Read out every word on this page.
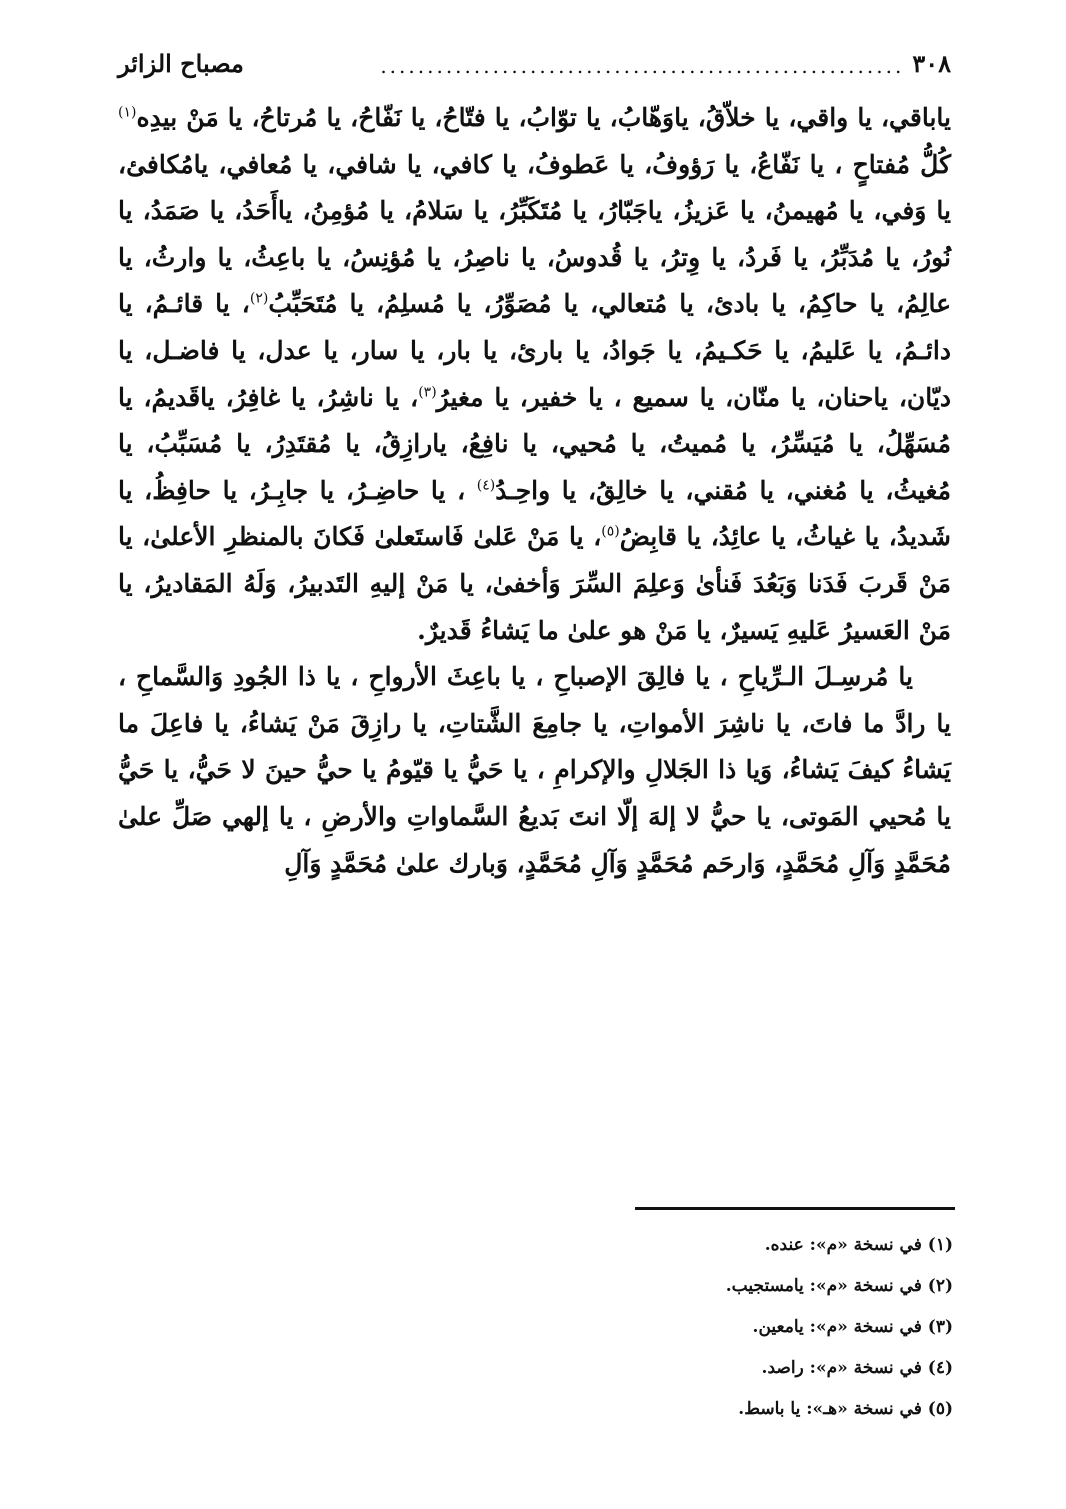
٣٠٨
........................................................
مصباح الزائر

ياباقي، يا واقي، يا خلاّقُ، ياوَهّابُ، يا توّابُ، يا فتّاحُ، يا نَفّاحُ، يا مُرتاحُ، يا مَنْ بيدِه$^{(١)}$ كُلُّ مُفتاحٍ ، يا نَفّاعُ، يا رَؤوفُ، يا عَطوفُ، يا كافي، يا شافي، يا مُعافي، يامُكافئ، يا وَفي، يا مُهيمنُ، يا عَزيزُ، ياجَبّارُ، يا مُتَكَبِّرُ، يا سَلامُ، يا مُؤمِنُ، ياأَحَدُ، يا صَمَدُ، يا نُورُ، يا مُدَبِّرُ، يا فَردُ، يا وِترُ، يا قُدوسُ، يا ناصِرُ، يا مُؤنِسُ، يا باعِثُ، يا وارثُ، يا عالِمُ، يا حاكِمُ، يا بادئ، يا مُتعالي، يا مُصَوِّرُ، يا مُسلِمُ، يا مُتَحَبِّبُ$^{(٢)}$، يا قائـمُ، يا دائـمُ، يا عَليمُ، يا حَكـيمُ، يا جَوادُ، يا بارئ، يا بار، يا سار، يا عدل، يا فاضـل، يا ديّان، ياحنان، يا منّان، يا سميع ، يا خفير، يا مغيرُ$^{(٣)}$، يا ناشِرُ، يا غافِرُ، ياقَديمُ، يا مُسَهِّلُ، يا مُيَسِّرُ، يا مُميتُ، يا مُحيي، يا نافِعُ، يارازِقُ، يا مُقتَدِرُ، يا مُسَبِّبُ، يا مُغيثُ، يا مُغني، يا مُقني، يا خالِقُ، يا واحِـدُ$^{(٤)}$ ، يا حاضِـرُ، يا جابِـرُ، يا حافِظُ، يا شَديدُ، يا غياثُ، يا عائِدُ، يا قابِضُ$^{(٥)}$، يا مَنْ عَلىٰ فَاستَعلىٰ فَكانَ بالمنظرِ الأعلىٰ، يا مَنْ قَربَ فَدَنا وَبَعُدَ فَنأىٰ وَعلِمَ السِّرَ وَأخفىٰ، يا مَنْ إليهِ التَدبيرُ، وَلَهُ المَقاديرُ، يا مَنْ العَسيرُ عَليهِ يَسيرٌ، يا مَنْ هو علىٰ ما يَشاءُ قَديرٌ.

يا مُرسِـلَ الـرِّياحِ ، يا فالِقَ الإصباحِ ، يا باعِثَ الأرواحِ ، يا ذا الجُودِ وَالسَّماحِ ، يا رادَّ ما فاتَ، يا ناشِرَ الأمواتِ، يا جامِعَ الشَّتاتِ، يا رازِقَ مَنْ يَشاءُ، يا فاعِلَ ما يَشاءُ كيفَ يَشاءُ، وَيا ذا الجَلالِ والإكرامِ ، يا حَيُّ يا قيّومُ يا حيُّ حينَ لا حَيُّ، يا حَيُّ يا مُحيي المَوتى، يا حيُّ لا إلهَ إلّا انتَ بَديعُ السَّماواتِ والأرضِ ، يا إلهي صَلِّ علىٰ مُحَمَّدٍ وَآلِ مُحَمَّدٍ، وَارحَم مُحَمَّدٍ وَآلِ مُحَمَّدٍ، وَبارك علىٰ مُحَمَّدٍ وَآلِ

(١) في نسخة «م»: عنده.
(٢) في نسخة «م»: يامستجيب.
(٣) في نسخة «م»: يامعين.
(٤) في نسخة «م»: راصد.
(٥) في نسخة «هـ»: يا باسط.
